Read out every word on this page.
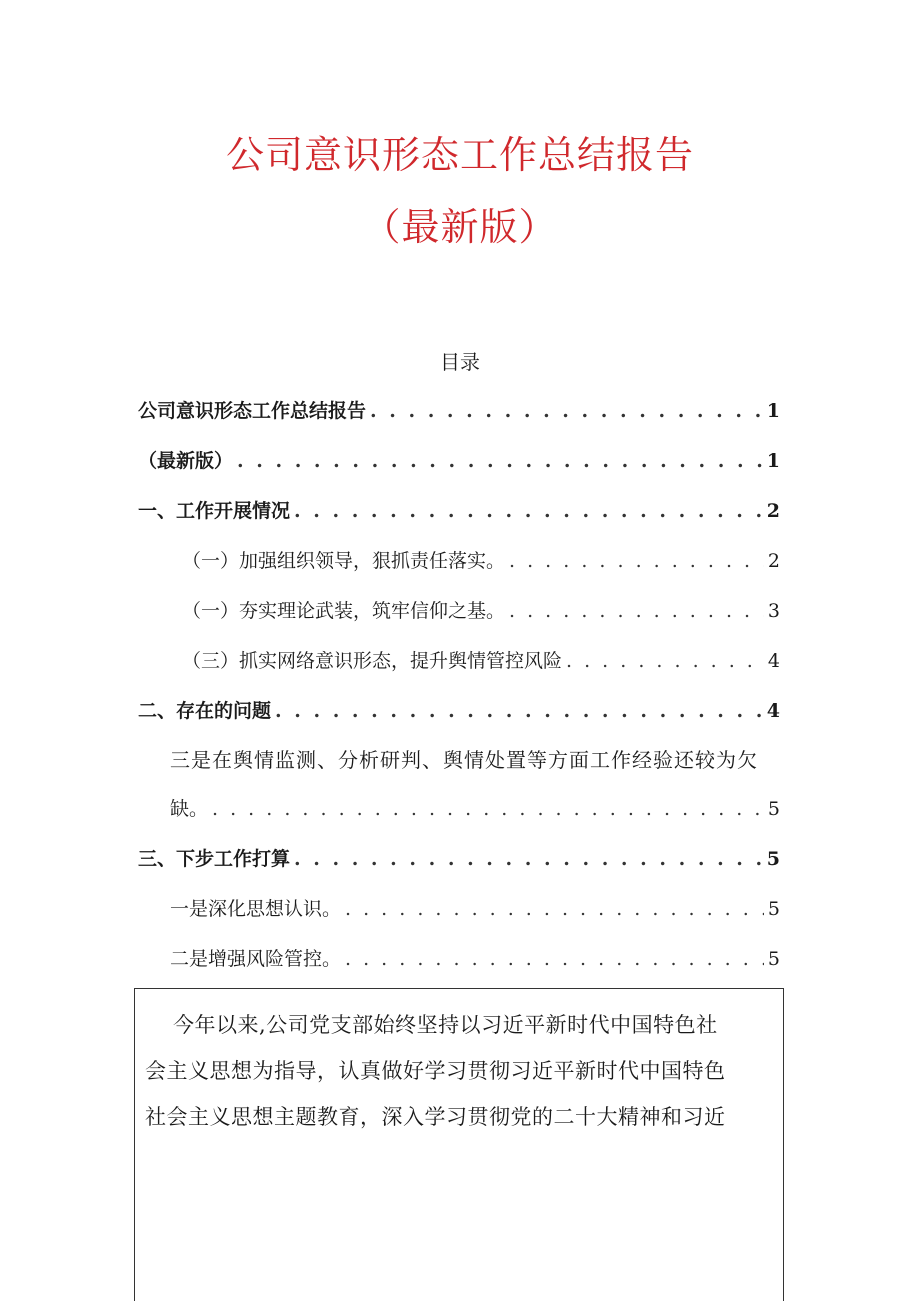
公司意识形态工作总结报告
（最新版）
目录
公司意识形态工作总结报告 . . .	1
（最新版） . . .	1
一、工作开展情况 . . .	2
（一）加强组织领导，狠抓责任落实。 . . .	2
（一）夯实理论武装，筑牢信仰之基。 . . .	3
（三）抓实网络意识形态，提升舆情管控风险 . . .	4
二、存在的问题 . . .	4
三是在舆情监测、分析研判、舆情处置等方面工作经验还较为欠
缺。 . . .	5
三、下步工作打算 . . .	5
一是深化思想认识。 . . .	5
二是增强风险管控。 . . .	5
今年以来,公司党支部始终坚持以习近平新时代中国特色社
会主义思想为指导，认真做好学习贯彻习近平新时代中国特色
社会主义思想主题教育，深入学习贯彻党的二十大精神和习近
